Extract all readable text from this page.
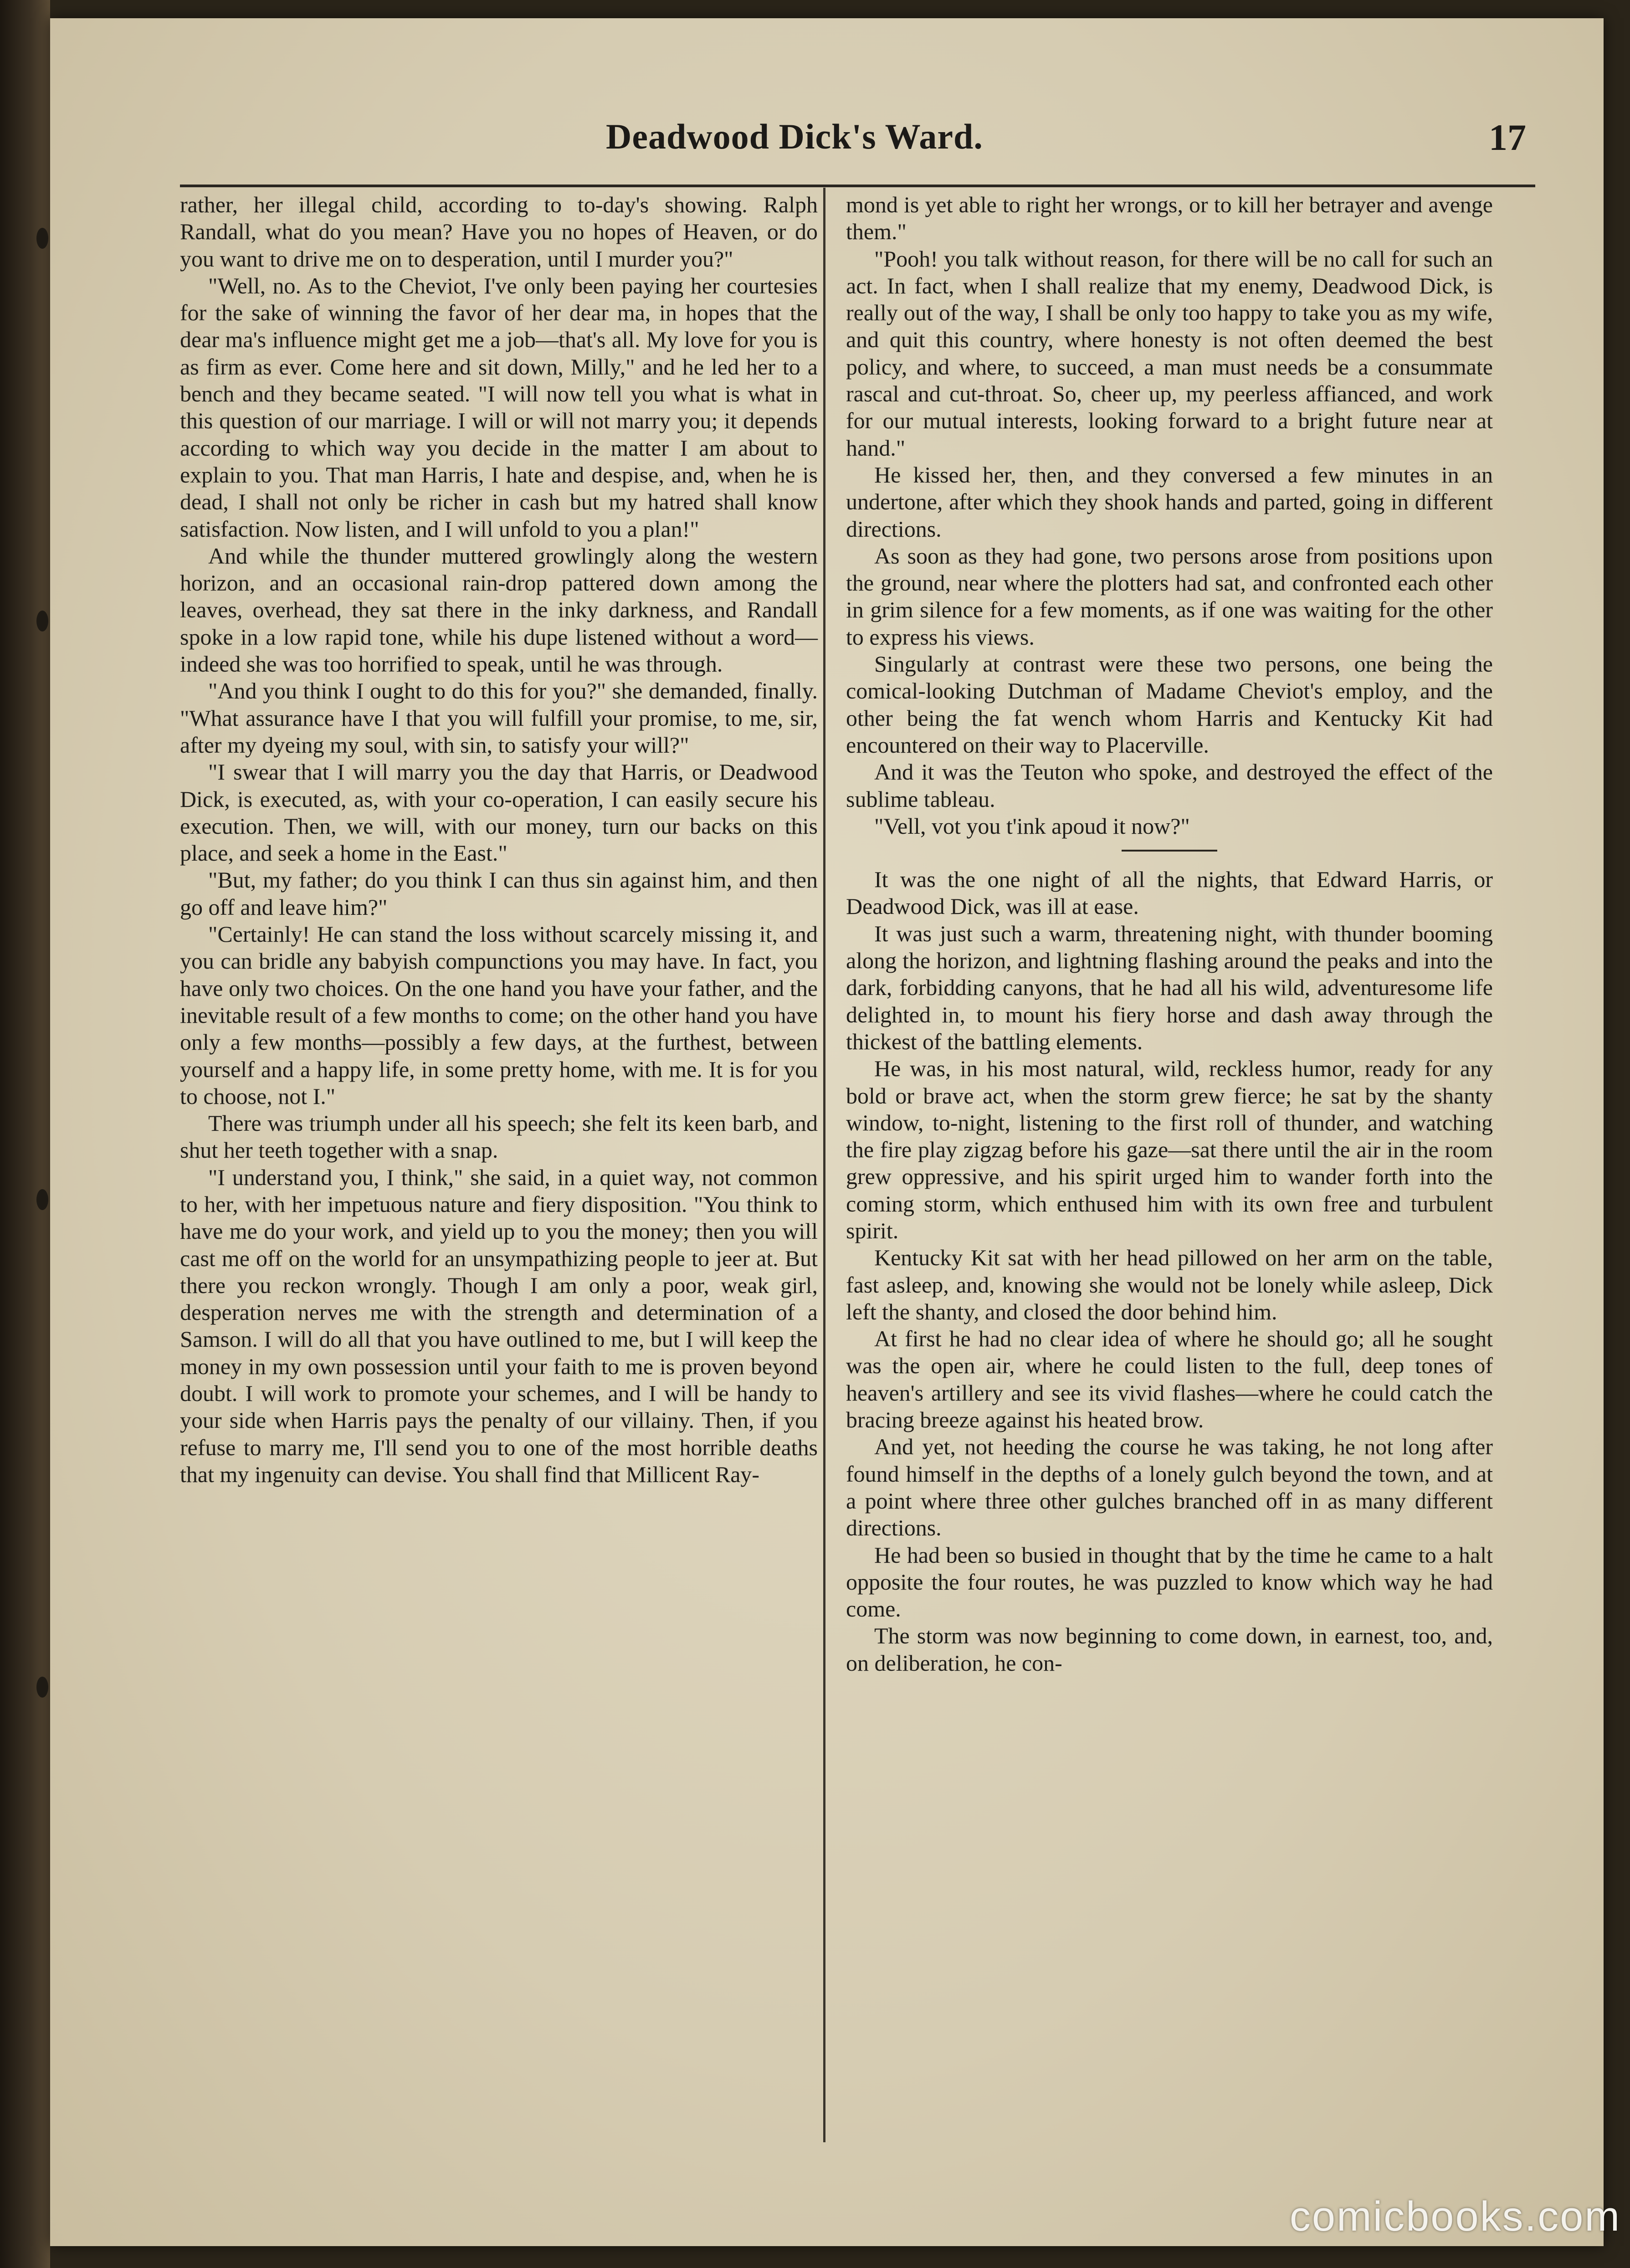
Deadwood Dick's Ward.	17

rather, her illegal child, according to to-day's showing. Ralph Randall, what do you mean? Have you no hopes of Heaven, or do you want to drive me on to desperation, until I murder you?"

"Well, no. As to the Cheviot, I've only been paying her courtesies for the sake of winning the favor of her dear ma, in hopes that the dear ma's influence might get me a job—that's all. My love for you is as firm as ever. Come here and sit down, Milly," and he led her to a bench and they became seated. "I will now tell you what is what in this question of our marriage. I will or will not marry you; it depends according to which way you decide in the matter I am about to explain to you. That man Harris, I hate and despise, and, when he is dead, I shall not only be richer in cash but my hatred shall know satisfaction. Now listen, and I will unfold to you a plan!"

And while the thunder muttered growlingly along the western horizon, and an occasional rain-drop pattered down among the leaves, overhead, they sat there in the inky darkness, and Randall spoke in a low rapid tone, while his dupe listened without a word—indeed she was too horrified to speak, until he was through.

"And you think I ought to do this for you?" she demanded, finally. "What assurance have I that you will fulfill your promise, to me, sir, after my dyeing my soul, with sin, to satisfy your will?"

"I swear that I will marry you the day that Harris, or Deadwood Dick, is executed, as, with your co-operation, I can easily secure his execution. Then, we will, with our money, turn our backs on this place, and seek a home in the East."

"But, my father; do you think I can thus sin against him, and then go off and leave him?"

"Certainly! He can stand the loss without scarcely missing it, and you can bridle any babyish compunctions you may have. In fact, you have only two choices. On the one hand you have your father, and the inevitable result of a few months to come; on the other hand you have only a few months—possibly a few days, at the furthest, between yourself and a happy life, in some pretty home, with me. It is for you to choose, not I."

There was triumph under all his speech; she felt its keen barb, and shut her teeth together with a snap.

"I understand you, I think," she said, in a quiet way, not common to her, with her impetuous nature and fiery disposition. "You think to have me do your work, and yield up to you the money; then you will cast me off on the world for an unsympathizing people to jeer at. But there you reckon wrongly. Though I am only a poor, weak girl, desperation nerves me with the strength and determination of a Samson. I will do all that you have outlined to me, but I will keep the money in my own possession until your faith to me is proven beyond doubt. I will work to promote your schemes, and I will be handy to your side when Harris pays the penalty of our villainy. Then, if you refuse to marry me, I'll send you to one of the most horrible deaths that my ingenuity can devise. You shall find that Millicent Ray-

mond is yet able to right her wrongs, or to kill her betrayer and avenge them."

"Pooh! you talk without reason, for there will be no call for such an act. In fact, when I shall realize that my enemy, Deadwood Dick, is really out of the way, I shall be only too happy to take you as my wife, and quit this country, where honesty is not often deemed the best policy, and where, to succeed, a man must needs be a consummate rascal and cut-throat. So, cheer up, my peerless affianced, and work for our mutual interests, looking forward to a bright future near at hand."

He kissed her, then, and they conversed a few minutes in an undertone, after which they shook hands and parted, going in different directions.

As soon as they had gone, two persons arose from positions upon the ground, near where the plotters had sat, and confronted each other in grim silence for a few moments, as if one was waiting for the other to express his views.

Singularly at contrast were these two persons, one being the comical-looking Dutchman of Madame Cheviot's employ, and the other being the fat wench whom Harris and Kentucky Kit had encountered on their way to Placerville.

And it was the Teuton who spoke, and destroyed the effect of the sublime tableau.

"Vell, vot you t'ink apoud it now?"

It was the one night of all the nights, that Edward Harris, or Deadwood Dick, was ill at ease.

It was just such a warm, threatening night, with thunder booming along the horizon, and lightning flashing around the peaks and into the dark, forbidding canyons, that he had all his wild, adventuresome life delighted in, to mount his fiery horse and dash away through the thickest of the battling elements.

He was, in his most natural, wild, reckless humor, ready for any bold or brave act, when the storm grew fierce; he sat by the shanty window, to-night, listening to the first roll of thunder, and watching the fire play zigzag before his gaze—sat there until the air in the room grew oppressive, and his spirit urged him to wander forth into the coming storm, which enthused him with its own free and turbulent spirit.

Kentucky Kit sat with her head pillowed on her arm on the table, fast asleep, and, knowing she would not be lonely while asleep, Dick left the shanty, and closed the door behind him.

At first he had no clear idea of where he should go; all he sought was the open air, where he could listen to the full, deep tones of heaven's artillery and see its vivid flashes—where he could catch the bracing breeze against his heated brow.

And yet, not heeding the course he was taking, he not long after found himself in the depths of a lonely gulch beyond the town, and at a point where three other gulches branched off in as many different directions.

He had been so busied in thought that by the time he came to a halt opposite the four routes, he was puzzled to know which way he had come.

The storm was now beginning to come down, in earnest, too, and, on deliberation, he con-

comicbooks.com
